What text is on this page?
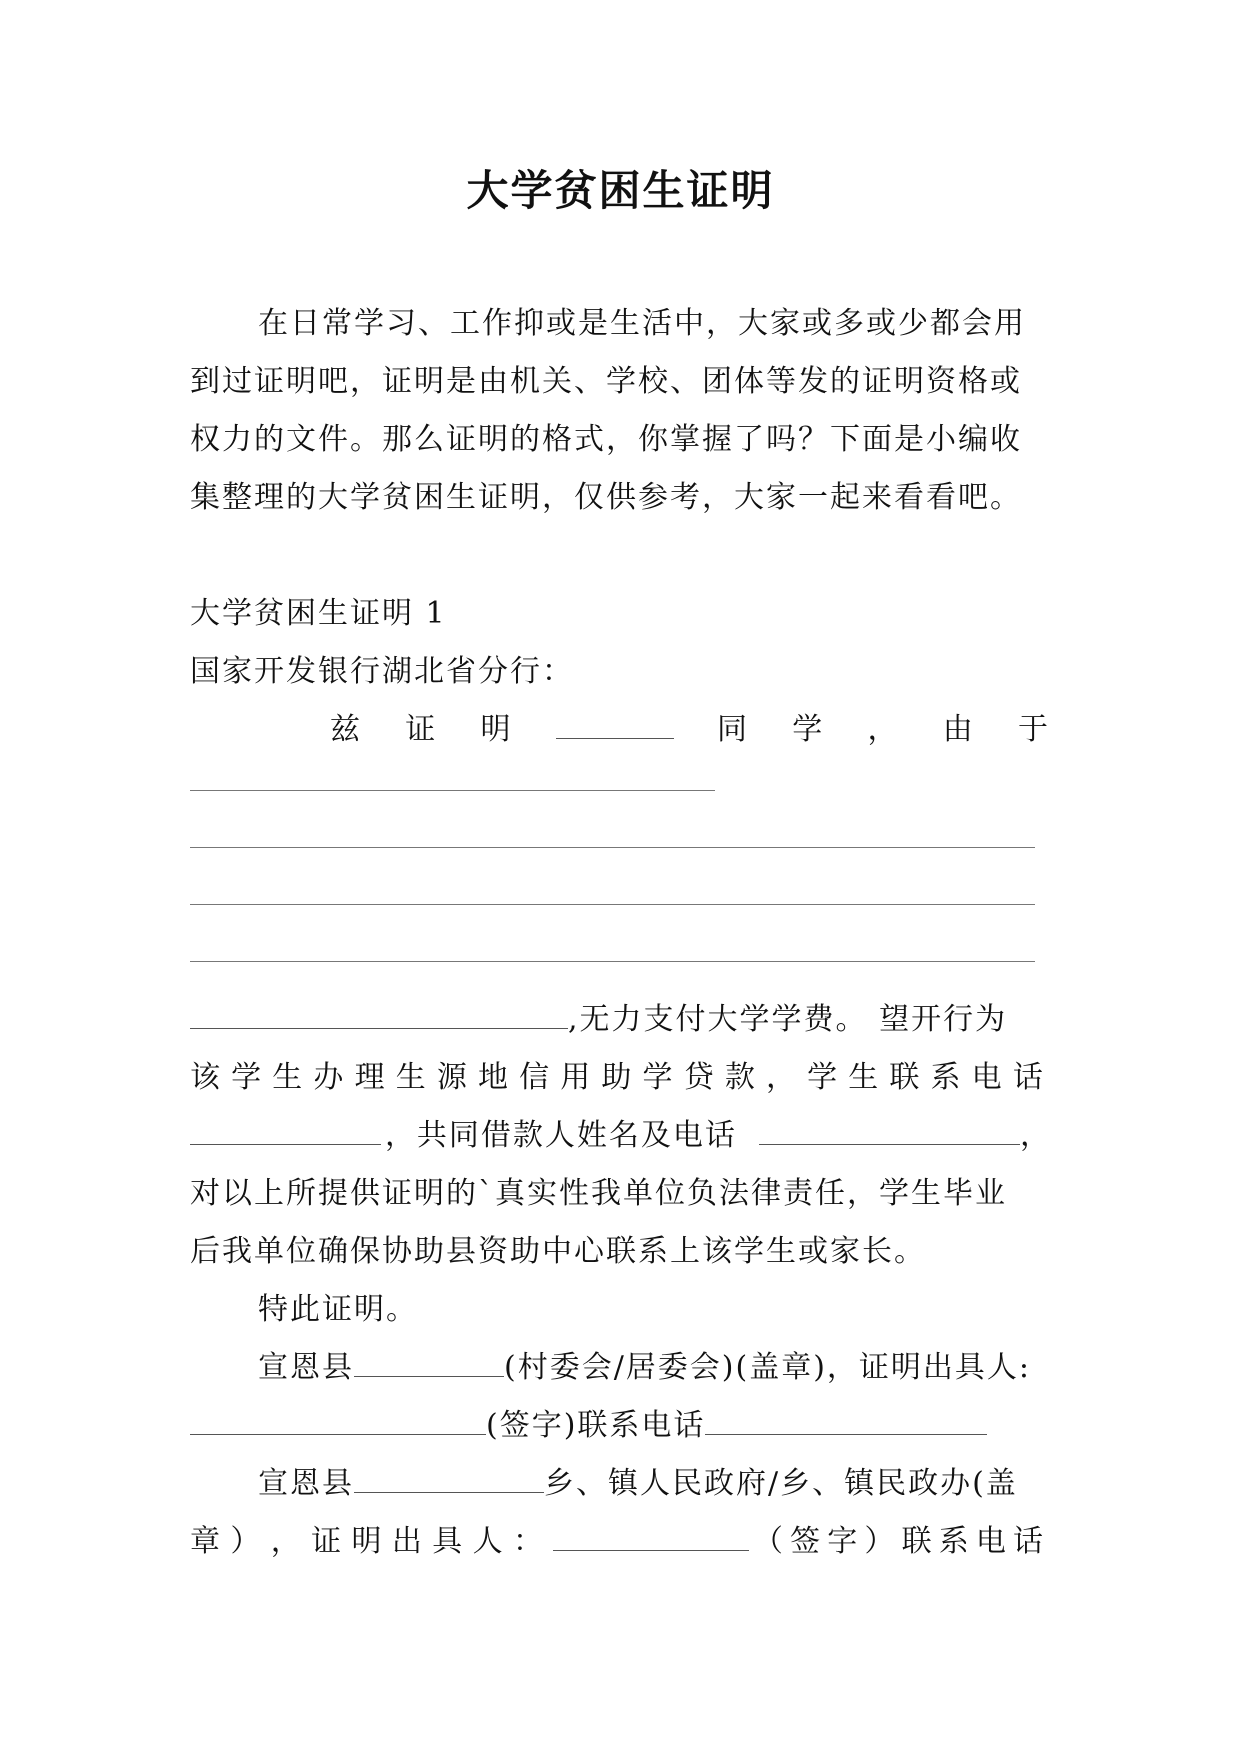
大学贫困生证明
在日常学习、工作抑或是生活中，大家或多或少都会用
到过证明吧，证明是由机关、学校、团体等发的证明资格或
权力的文件。那么证明的格式，你掌握了吗？下面是小编收
集整理的大学贫困生证明，仅供参考，大家一起来看看吧。
大学贫困生证明 1
国家开发银行湖北省分行：
兹 证 明	同 学 ， 由 于
,无力支付大学学费。 望开行为
该 学 生 办 理 生 源 地 信 用 助 学 贷 款 ， 学 生 联 系 电 话
，共同借款人姓名及电话	，
对以上所提供证明的`真实性我单位负法律责任，学生毕业
后我单位确保协助县资助中心联系上该学生或家长。
特此证明。
宣恩县	(村委会/居委会)(盖章)，证明出具人:
(签字)联系电话
宣恩县	乡、镇人民政府/乡、镇民政办(盖
章 ） ， 证 明 出 具 人 ：	（ 签 字 ） 联 系 电 话
